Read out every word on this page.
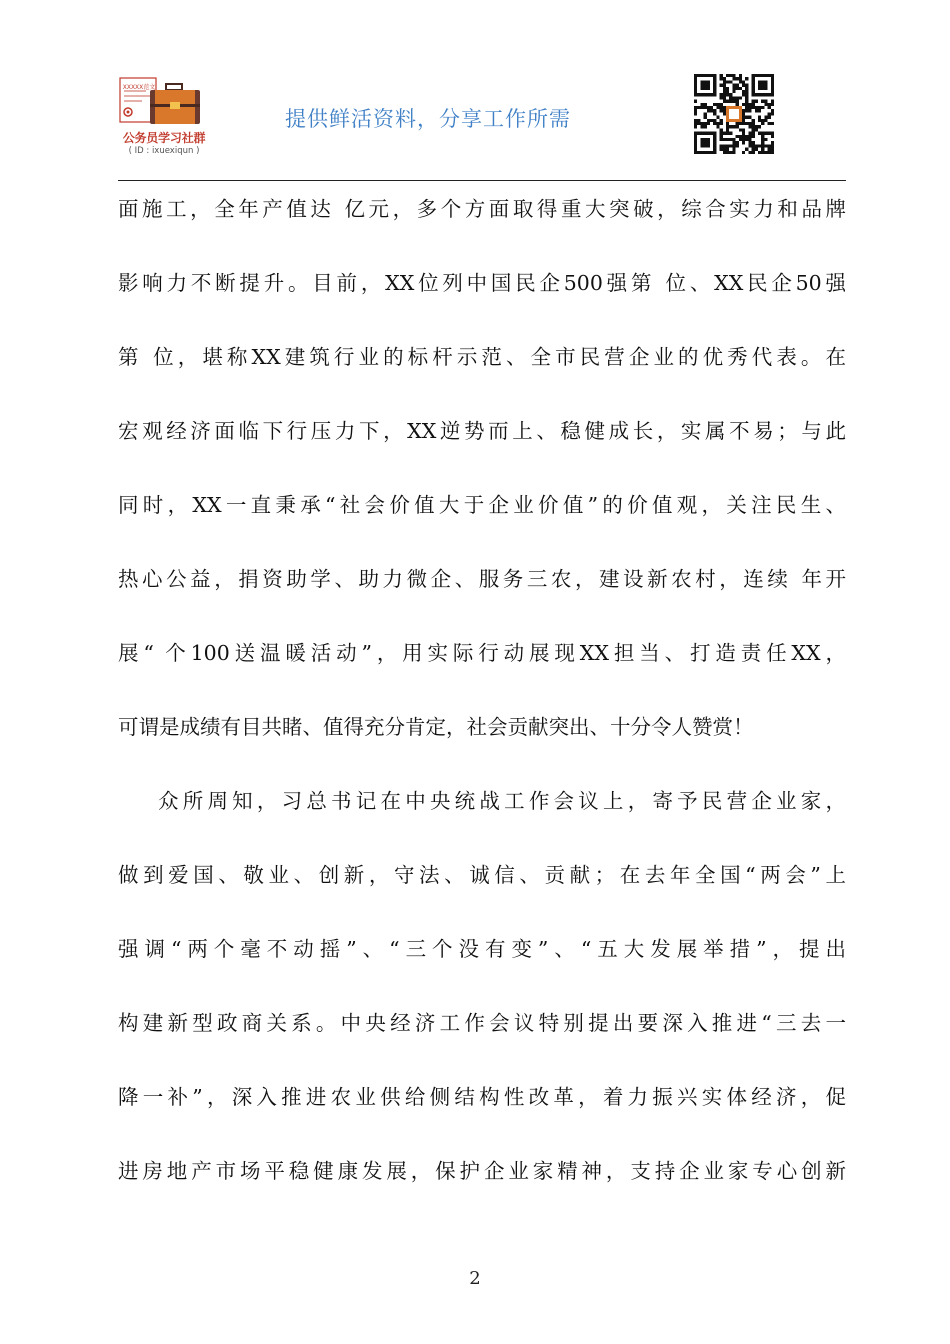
XXXXX范文
公务员学习社群
( ID : ixuexiqun )
提供鲜活资料，分享工作所需
面施工，全年产值达 亿元，多个方面取得重大突破，综合实力和品牌
影响力不断提升。目前，XX位列中国民企500强第 位、XX民企50强
第 位，堪称XX建筑行业的标杆示范、全市民营企业的优秀代表。在
宏观经济面临下行压力下，XX逆势而上、稳健成长，实属不易；与此
同时，XX一直秉承“社会价值大于企业价值”的价值观，关注民生、
热心公益，捐资助学、助力微企、服务三农，建设新农村，连续 年开
展“ 个100送温暖活动”，用实际行动展现XX担当、打造责任XX，
可谓是成绩有目共睹、值得充分肯定，社会贡献突出、十分令人赞赏！
众所周知，习总书记在中央统战工作会议上，寄予民营企业家，
做到爱国、敬业、创新，守法、诚信、贡献；在去年全国“两会”上
强调“两个毫不动摇”、“三个没有变”、“五大发展举措”，提出
构建新型政商关系。中央经济工作会议特别提出要深入推进“三去一
降一补”，深入推进农业供给侧结构性改革，着力振兴实体经济，促
进房地产市场平稳健康发展，保护企业家精神，支持企业家专心创新
2
